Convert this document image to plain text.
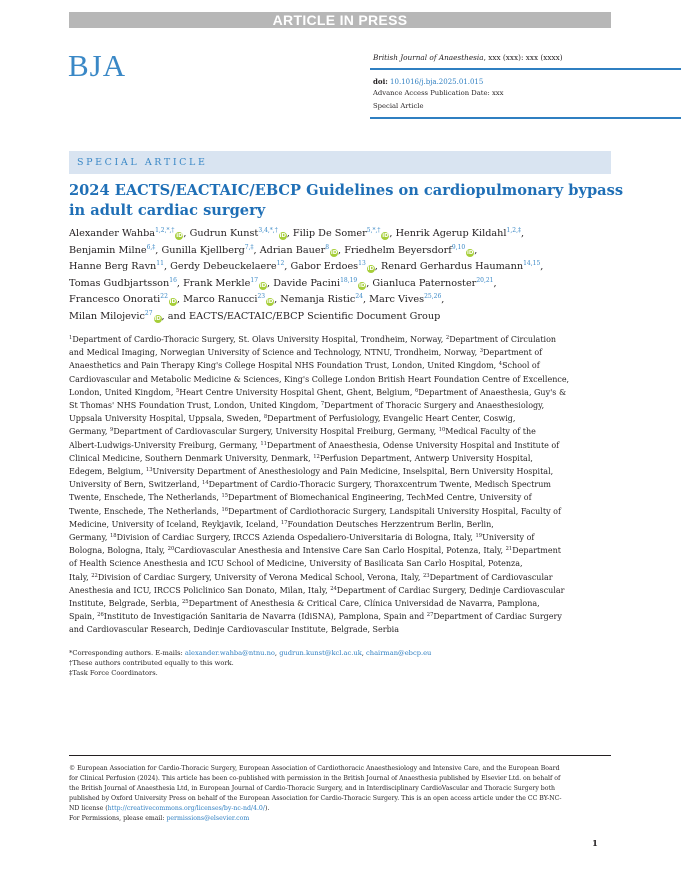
ARTICLE IN PRESS
BJA	British Journal of Anaesthesia, xxx (xxx): xxx (xxxx)
doi: 10.1016/j.bja.2025.01.015
Advance Access Publication Date: xxx
Special Article
SPECIAL ARTICLE
2024 EACTS/EACTAIC/EBCP Guidelines on cardiopulmonary bypass in adult cardiac surgery
Alexander Wahba$^{1,2,*,\dagger}$iD, Gudrun Kunst$^{3,4,*,\dagger}$iD, Filip De Somer$^{5,*,\dagger}$iD, Henrik Agerup Kildahl$^{1,2,\ddagger}$,
Benjamin Milne$^{6,\ddagger}$, Gunilla Kjellberg$^{7,\ddagger}$, Adrian Bauer$^8$iD, Friedhelm Beyersdorf$^{9,10}$iD,
Hanne Berg Ravn$^{11}$, Gerdy Debeuckelaere$^{12}$, Gabor Erdoes$^{13}$iD, Renard Gerhardus Haumann$^{14,15}$,
Tomas Gudbjartsson$^{16}$, Frank Merkle$^{17}$iD, Davide Pacini$^{18,19}$iD, Gianluca Paternoster$^{20,21}$,
Francesco Onorati$^{22}$iD, Marco Ranucci$^{23}$iD, Nemanja Ristic$^{24}$, Marc Vives$^{25,26}$,
Milan Milojevic$^{27}$iD, and EACTS/EACTAIC/EBCP Scientific Document Group
$^1$Department of Cardio-Thoracic Surgery, St. Olavs University Hospital, Trondheim, Norway, $^2$Department of Circulation
and Medical Imaging, Norwegian University of Science and Technology, NTNU, Trondheim, Norway, $^3$Department of
Anaesthetics and Pain Therapy King's College Hospital NHS Foundation Trust, London, United Kingdom, $^4$School of
Cardiovascular and Metabolic Medicine & Sciences, King's College London British Heart Foundation Centre of Excellence,
London, United Kingdom, $^5$Heart Centre University Hospital Ghent, Ghent, Belgium, $^6$Department of Anaesthesia, Guy's &
St Thomas' NHS Foundation Trust, London, United Kingdom, $^7$Department of Thoracic Surgery and Anaesthesiology,
Uppsala University Hospital, Uppsala, Sweden, $^8$Department of Perfusiology, Evangelic Heart Center, Coswig,
Germany, $^9$Department of Cardiovascular Surgery, University Hospital Freiburg, Germany, $^{10}$Medical Faculty of the
Albert-Ludwigs-University Freiburg, Germany, $^{11}$Department of Anaesthesia, Odense University Hospital and Institute of
Clinical Medicine, Southern Denmark University, Denmark, $^{12}$Perfusion Department, Antwerp University Hospital,
Edegem, Belgium, $^{13}$University Department of Anesthesiology and Pain Medicine, Inselspital, Bern University Hospital,
University of Bern, Switzerland, $^{14}$Department of Cardio-Thoracic Surgery, Thoraxcentrum Twente, Medisch Spectrum
Twente, Enschede, The Netherlands, $^{15}$Department of Biomechanical Engineering, TechMed Centre, University of
Twente, Enschede, The Netherlands, $^{16}$Department of Cardiothoracic Surgery, Landspitali University Hospital, Faculty of
Medicine, University of Iceland, Reykjavik, Iceland, $^{17}$Foundation Deutsches Herzzentrum Berlin, Berlin,
Germany, $^{18}$Division of Cardiac Surgery, IRCCS Azienda Ospedaliero-Universitaria di Bologna, Italy, $^{19}$University of
Bologna, Bologna, Italy, $^{20}$Cardiovascular Anesthesia and Intensive Care San Carlo Hospital, Potenza, Italy, $^{21}$Department
of Health Science Anesthesia and ICU School of Medicine, University of Basilicata San Carlo Hospital, Potenza,
Italy, $^{22}$Division of Cardiac Surgery, University of Verona Medical School, Verona, Italy, $^{23}$Department of Cardiovascular
Anesthesia and ICU, IRCCS Policlinico San Donato, Milan, Italy, $^{24}$Department of Cardiac Surgery, Dedinje Cardiovascular
Institute, Belgrade, Serbia, $^{25}$Department of Anesthesia & Critical Care, Clínica Universidad de Navarra, Pamplona,
Spain, $^{26}$Instituto de Investigación Sanitaria de Navarra (IdiSNA), Pamplona, Spain and $^{27}$Department of Cardiac Surgery
and Cardiovascular Research, Dedinje Cardiovascular Institute, Belgrade, Serbia
*Corresponding authors. E-mails: alexander.wahba@ntnu.no, gudrun.kunst@kcl.ac.uk, chairman@ebcp.eu
†These authors contributed equally to this work.
‡Task Force Coordinators.
© European Association for Cardio-Thoracic Surgery, European Association of Cardiothoracic Anaesthesiology and Intensive Care, and the European Board
for Clinical Perfusion (2024). This article has been co-published with permission in the British Journal of Anaesthesia published by Elsevier Ltd. on behalf of
the British Journal of Anaesthesia Ltd, in European Journal of Cardio-Thoracic Surgery, and in Interdisciplinary CardioVascular and Thoracic Surgery both
published by Oxford University Press on behalf of the European Association for Cardio-Thoracic Surgery. This is an open access article under the CC BY-NC-
ND license (http://creativecommons.org/licenses/by-nc-nd/4.0/).
For Permissions, please email: permissions@elsevier.com
1
